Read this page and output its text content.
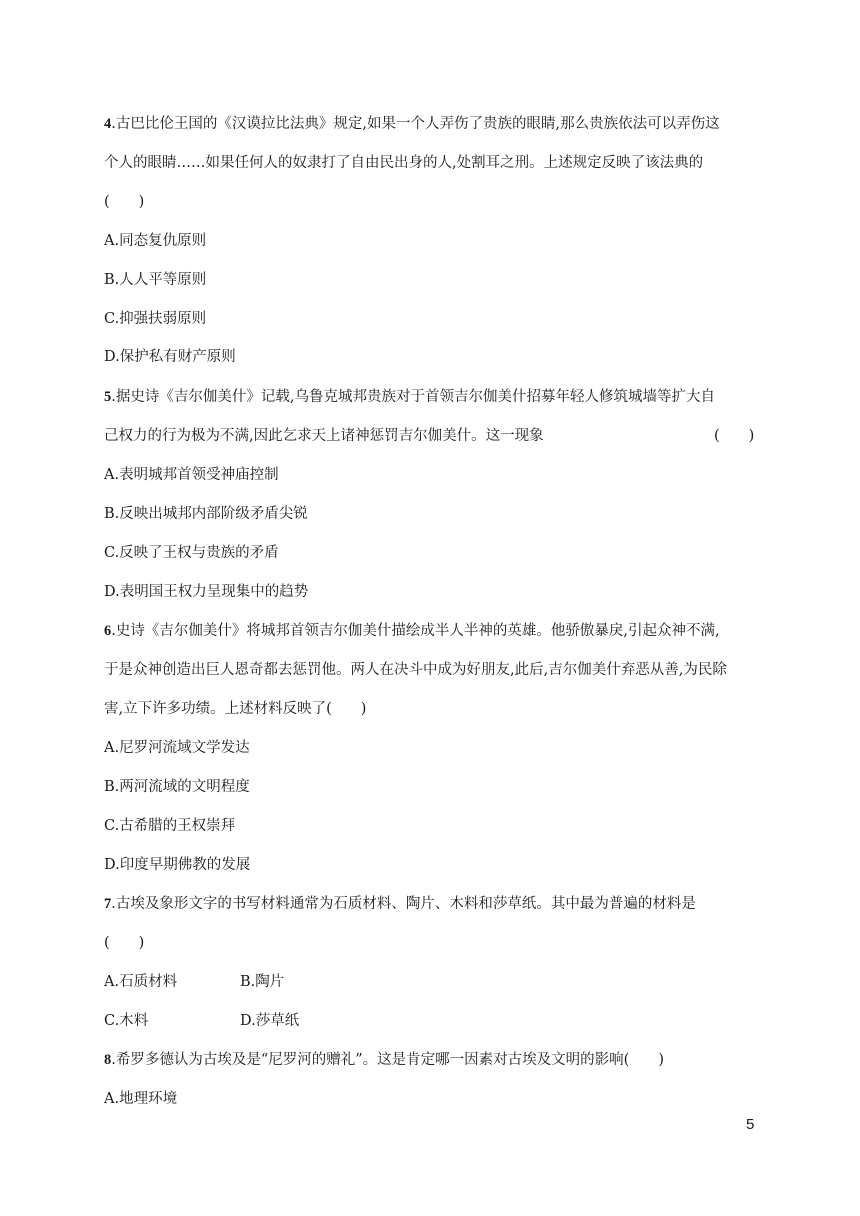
4.古巴比伦王国的《汉谟拉比法典》规定,如果一个人弄伤了贵族的眼睛,那么贵族依法可以弄伤这
个人的眼睛……如果任何人的奴隶打了自由民出身的人,处割耳之刑。上述规定反映了该法典的
(　　)
A.同态复仇原则
B.人人平等原则
C.抑强扶弱原则
D.保护私有财产原则
5.据史诗《吉尔伽美什》记载,乌鲁克城邦贵族对于首领吉尔伽美什招募年轻人修筑城墙等扩大自
己权力的行为极为不满,因此乞求天上诸神惩罚吉尔伽美什。这一现象	(　　)
A.表明城邦首领受神庙控制
B.反映出城邦内部阶级矛盾尖锐
C.反映了王权与贵族的矛盾
D.表明国王权力呈现集中的趋势
6.史诗《吉尔伽美什》将城邦首领吉尔伽美什描绘成半人半神的英雄。他骄傲暴戾,引起众神不满,
于是众神创造出巨人恩奇都去惩罚他。两人在决斗中成为好朋友,此后,吉尔伽美什弃恶从善,为民除
害,立下许多功绩。上述材料反映了(　　)
A.尼罗河流域文学发达
B.两河流域的文明程度
C.古希腊的王权崇拜
D.印度早期佛教的发展
7.古埃及象形文字的书写材料通常为石质材料、陶片、木料和莎草纸。其中最为普遍的材料是
(　　)
A.石质材料	B.陶片
C.木料	D.莎草纸
8.希罗多德认为古埃及是“尼罗河的赠礼”。这是肯定哪一因素对古埃及文明的影响(　　)
A.地理环境
5
